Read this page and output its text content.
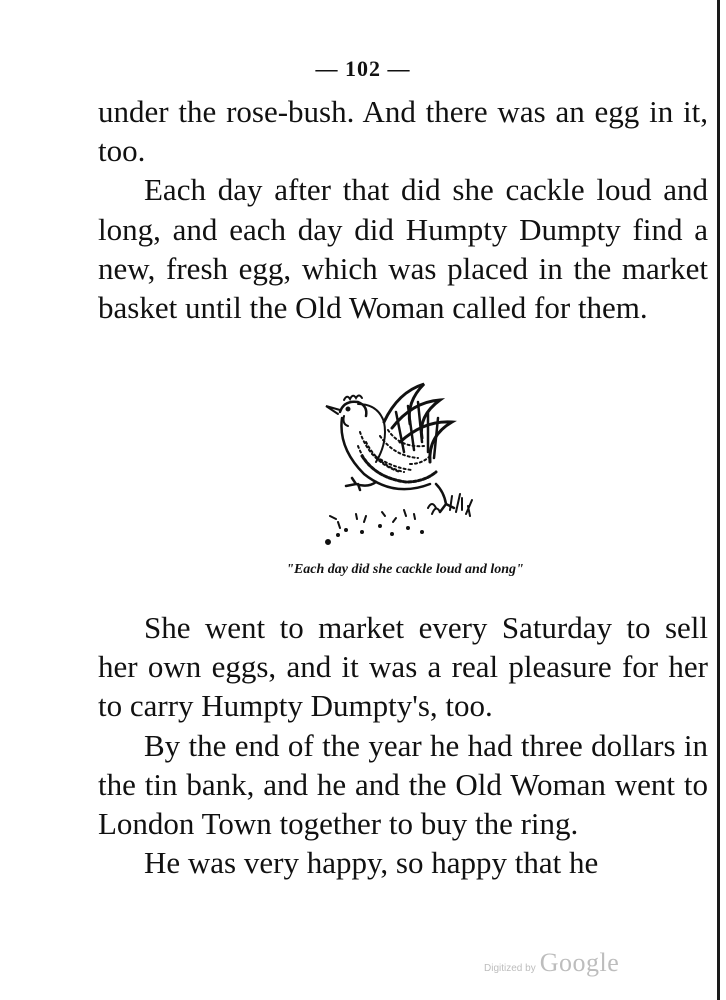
— 102 —

under the rose-bush. And there was an egg in it, too.

Each day after that did she cackle loud and long, and each day did Humpty Dumpty find a new, fresh egg, which was placed in the market basket until the Old Woman called for them.

"Each day did she cackle loud and long"

She went to market every Saturday to sell her own eggs, and it was a real pleasure for her to carry Humpty Dumpty's, too.

By the end of the year he had three dollars in the tin bank, and he and the Old Woman went to London Town together to buy the ring.

He was very happy, so happy that he

Digitized by Google
